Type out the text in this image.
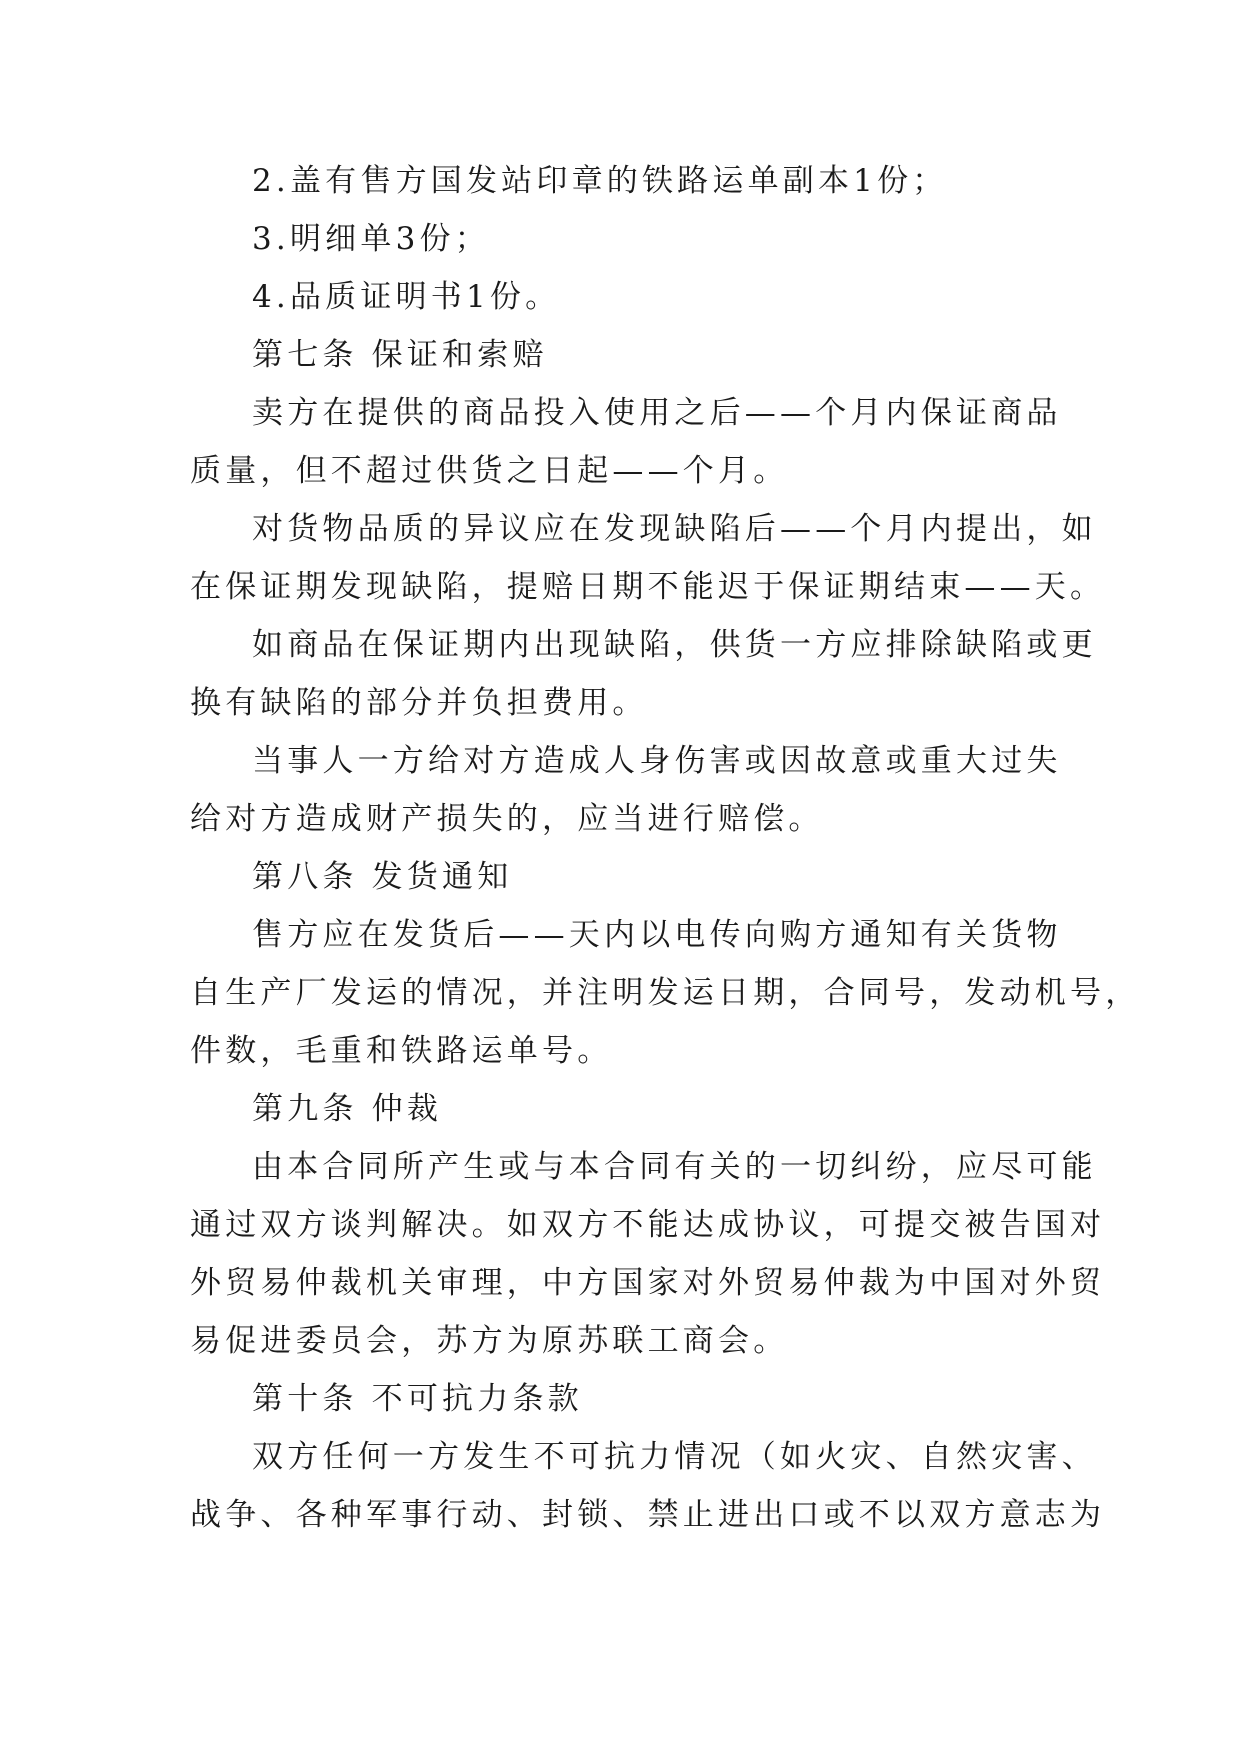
2.盖有售方国发站印章的铁路运单副本1份；
3.明细单3份；
4.品质证明书1份。
第七条 保证和索赔
卖方在提供的商品投入使用之后——个月内保证商品
质量，但不超过供货之日起——个月。
对货物品质的异议应在发现缺陷后——个月内提出，如
在保证期发现缺陷，提赔日期不能迟于保证期结束——天。
如商品在保证期内出现缺陷，供货一方应排除缺陷或更
换有缺陷的部分并负担费用。
当事人一方给对方造成人身伤害或因故意或重大过失
给对方造成财产损失的，应当进行赔偿。
第八条 发货通知
售方应在发货后——天内以电传向购方通知有关货物
自生产厂发运的情况，并注明发运日期，合同号，发动机号，
件数，毛重和铁路运单号。
第九条 仲裁
由本合同所产生或与本合同有关的一切纠纷，应尽可能
通过双方谈判解决。如双方不能达成协议，可提交被告国对
外贸易仲裁机关审理，中方国家对外贸易仲裁为中国对外贸
易促进委员会，苏方为原苏联工商会。
第十条 不可抗力条款
双方任何一方发生不可抗力情况（如火灾、自然灾害、
战争、各种军事行动、封锁、禁止进出口或不以双方意志为
